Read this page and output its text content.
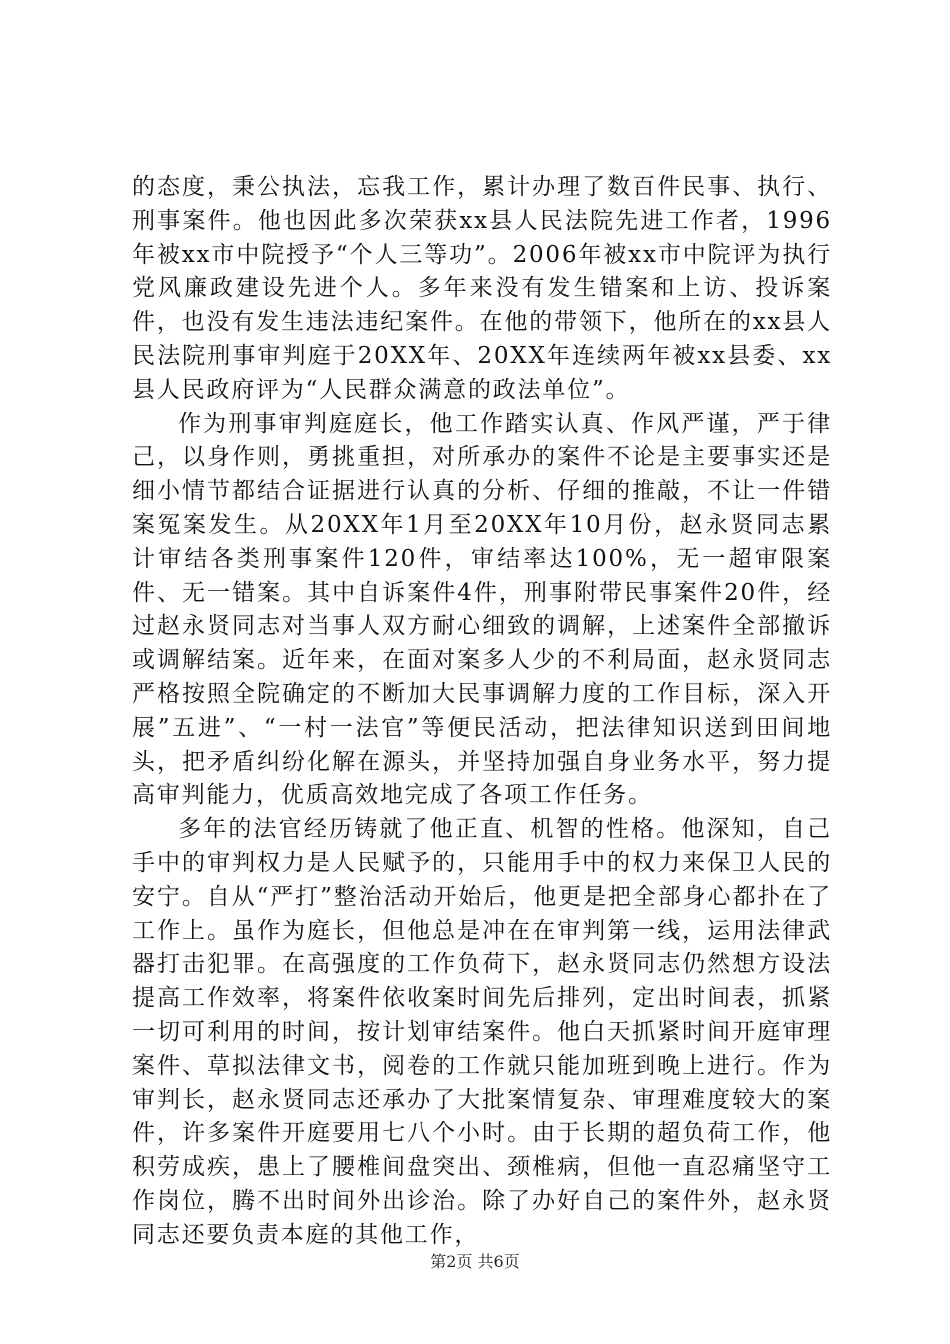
的态度，秉公执法，忘我工作，累计办理了数百件民事、执行、刑事案件。他也因此多次荣获xx县人民法院先进工作者，1996年被xx市中院授予“个人三等功”。2006年被xx市中院评为执行党风廉政建设先进个人。多年来没有发生错案和上访、投诉案件，也没有发生违法违纪案件。在他的带领下，他所在的xx县人民法院刑事审判庭于20XX年、20XX年连续两年被xx县委、xx县人民政府评为“人民群众满意的政法单位”。

作为刑事审判庭庭长，他工作踏实认真、作风严谨，严于律己，以身作则，勇挑重担，对所承办的案件不论是主要事实还是细小情节都结合证据进行认真的分析、仔细的推敲，不让一件错案冤案发生。从20XX年1月至20XX年10月份，赵永贤同志累计审结各类刑事案件120件，审结率达100%，无一超审限案件、无一错案。其中自诉案件4件，刑事附带民事案件20件，经过赵永贤同志对当事人双方耐心细致的调解，上述案件全部撤诉或调解结案。近年来，在面对案多人少的不利局面，赵永贤同志严格按照全院确定的不断加大民事调解力度的工作目标，深入开展”五进”、“一村一法官”等便民活动，把法律知识送到田间地头，把矛盾纠纷化解在源头，并坚持加强自身业务水平，努力提高审判能力，优质高效地完成了各项工作任务。

多年的法官经历铸就了他正直、机智的性格。他深知，自己手中的审判权力是人民赋予的，只能用手中的权力来保卫人民的安宁。自从“严打”整治活动开始后，他更是把全部身心都扑在了工作上。虽作为庭长，但他总是冲在在审判第一线，运用法律武器打击犯罪。在高强度的工作负荷下，赵永贤同志仍然想方设法提高工作效率，将案件依收案时间先后排列，定出时间表，抓紧一切可利用的时间，按计划审结案件。他白天抓紧时间开庭审理案件、草拟法律文书，阅卷的工作就只能加班到晚上进行。作为审判长，赵永贤同志还承办了大批案情复杂、审理难度较大的案件，许多案件开庭要用七八个小时。由于长期的超负荷工作，他积劳成疾，患上了腰椎间盘突出、颈椎病，但他一直忍痛坚守工作岗位，腾不出时间外出诊治。除了办好自己的案件外，赵永贤同志还要负责本庭的其他工作，

第2页 共6页
